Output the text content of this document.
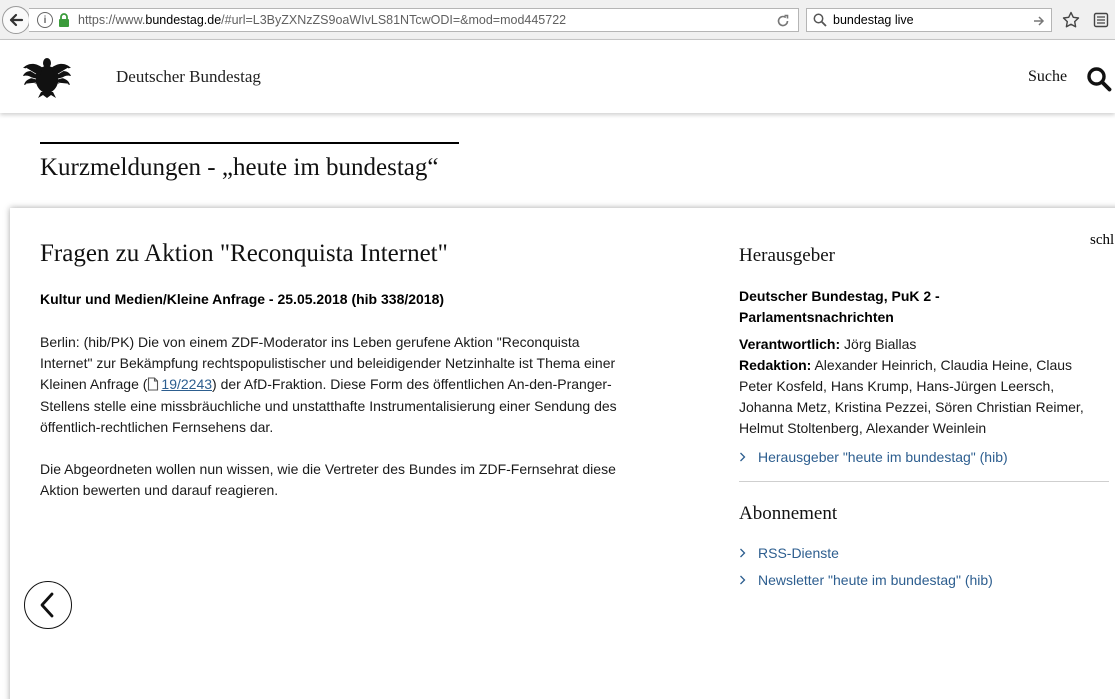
i	https://www.bundestag.de/#url=L3ByZXNzZS9oaWIvLS81NTcwODI=&mod=mod445722
bundestag live
Deutscher Bundestag	Suche
Kurzmeldungen - „heute im bundestag“
schl
Fragen zu Aktion "Reconquista Internet"
Kultur und Medien/Kleine Anfrage - 25.05.2018 (hib 338/2018)

Berlin: (hib/PK) Die von einem ZDF-Moderator ins Leben gerufene Aktion "Reconquista Internet" zur Bekämpfung rechtspopulistischer und beleidigender Netzinhalte ist Thema einer Kleinen Anfrage ( 19/2243) der AfD-Fraktion. Diese Form des öffentlichen An-den-Pranger-Stellens stelle eine missbräuchliche und unstatthafte Instrumentalisierung einer Sendung des öffentlich-rechtlichen Fernsehens dar.

Die Abgeordneten wollen nun wissen, wie die Vertreter des Bundes im ZDF-Fernsehrat diese Aktion bewerten und darauf reagieren.

Herausgeber
Deutscher Bundestag, PuK 2 - Parlamentsnachrichten
Verantwortlich: Jörg Biallas
Redaktion: Alexander Heinrich, Claudia Heine, Claus Peter Kosfeld, Hans Krump, Hans-Jürgen Leersch, Johanna Metz, Kristina Pezzei, Sören Christian Reimer, Helmut Stoltenberg, Alexander Weinlein
Herausgeber "heute im bundestag" (hib)
Abonnement
RSS-Dienste
Newsletter "heute im bundestag" (hib)
